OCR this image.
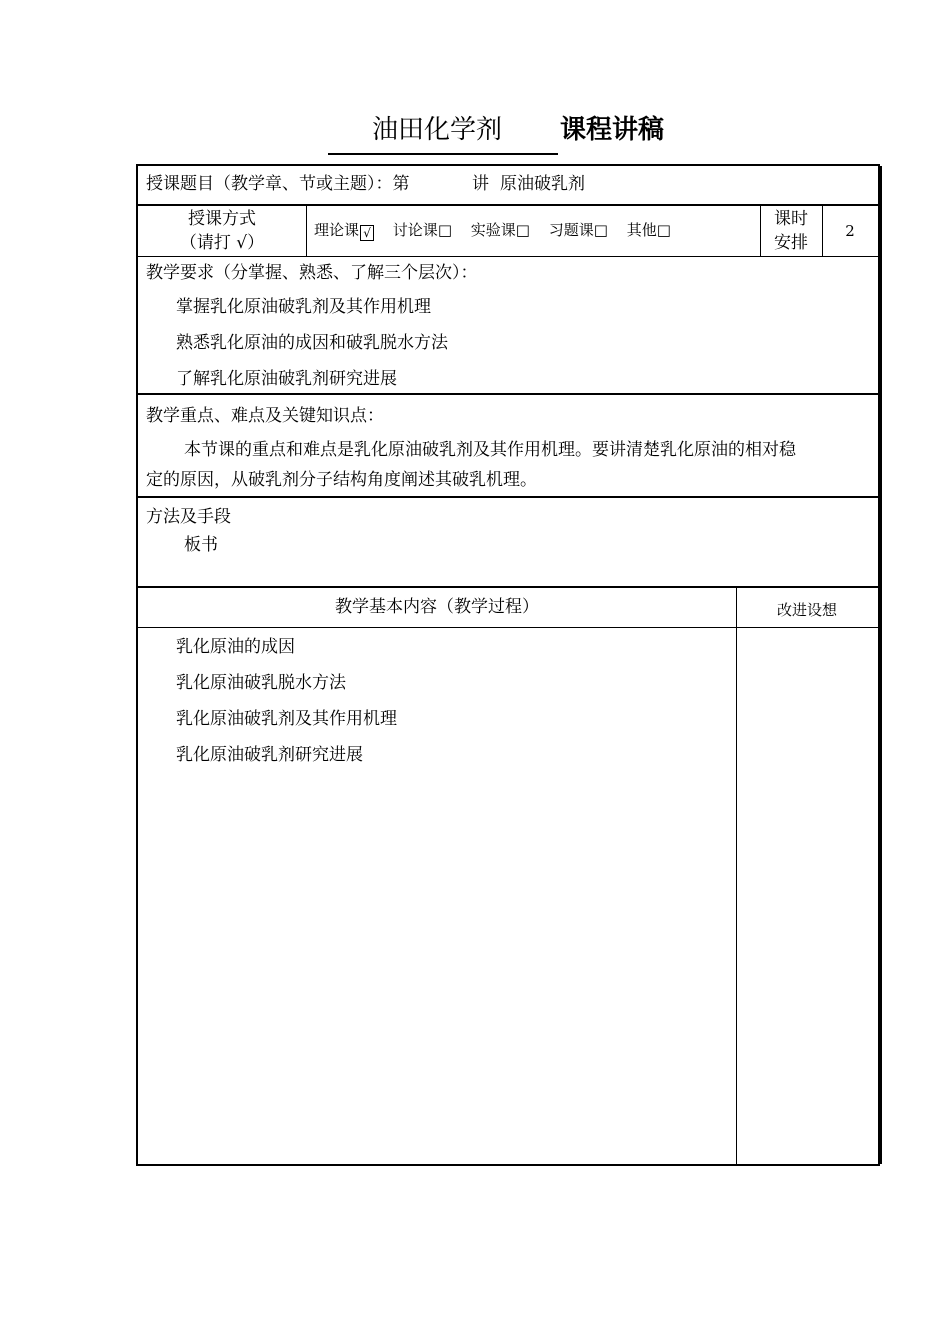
油田化学剂 课程讲稿
授课题目（教学章、节或主题）：第	讲 原油破乳剂
授课方式
（请打 √）
理论课 √ 讨论课□ 实验课□ 习题课□ 其他□
课时
安排
2
教学要求（分掌握、熟悉、了解三个层次）：
掌握乳化原油破乳剂及其作用机理
熟悉乳化原油的成因和破乳脱水方法
了解乳化原油破乳剂研究进展
教学重点、难点及关键知识点：
本节课的重点和难点是乳化原油破乳剂及其作用机理。要讲清楚乳化原油的相对稳
定的原因，从破乳剂分子结构角度阐述其破乳机理。
方法及手段
板书
教学基本内容（教学过程）	改进设想
乳化原油的成因
乳化原油破乳脱水方法
乳化原油破乳剂及其作用机理
乳化原油破乳剂研究进展
